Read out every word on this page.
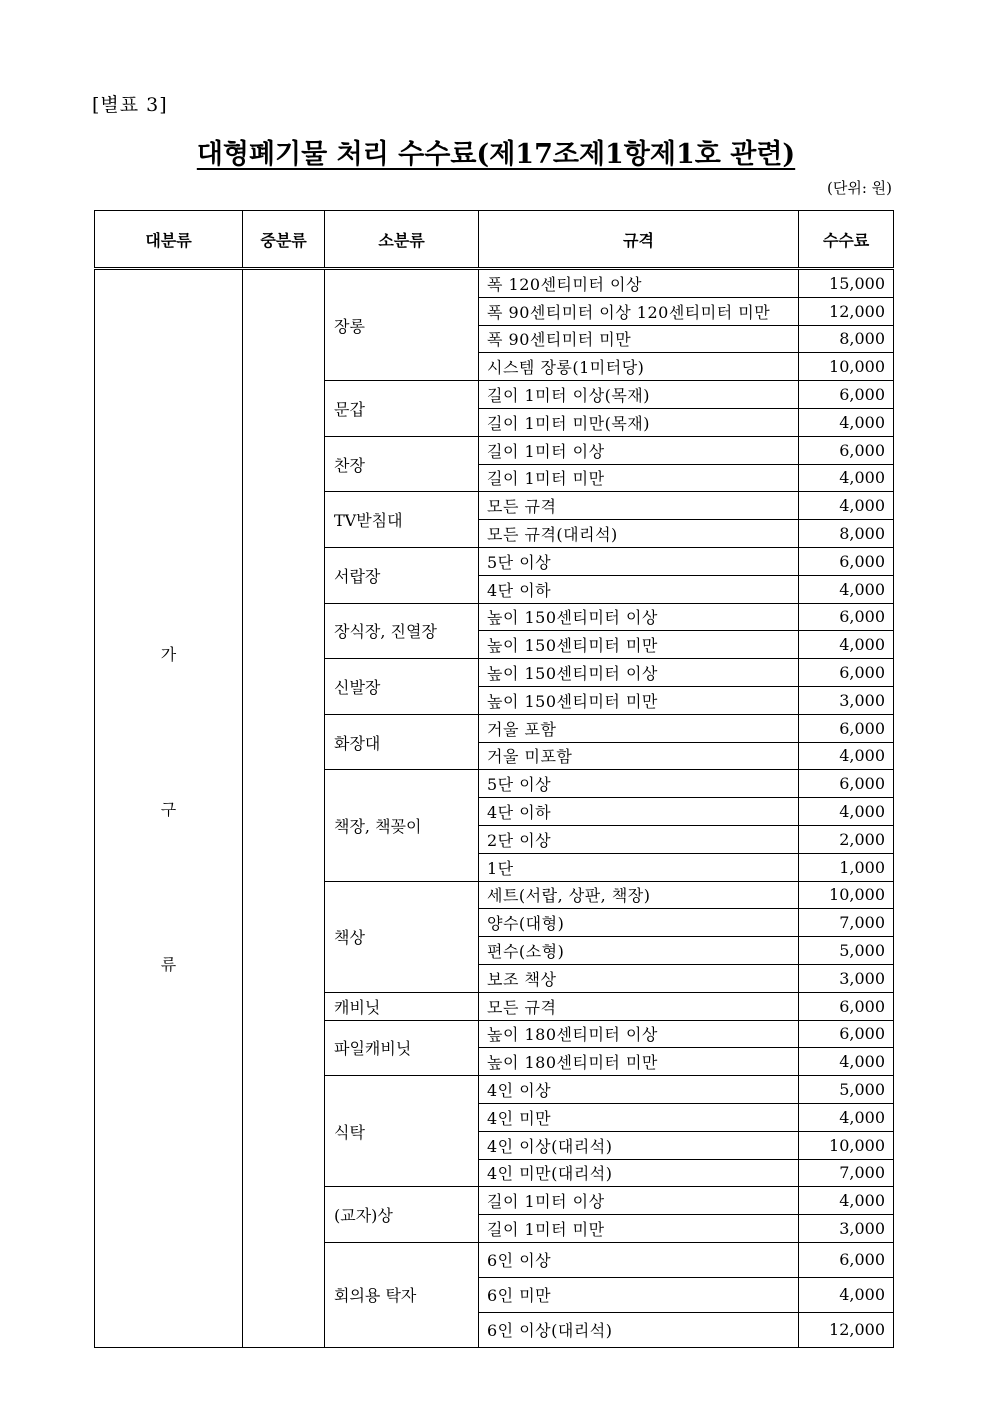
[별표 3]
대형폐기물 처리 수수료(제17조제1항제1호 관련)
(단위: 원)
대분류	중분류	소분류	규격	수수료

가
구
류		장롱	폭 120센티미터 이상	15,000
			폭 90센티미터 이상 120센티미터 미만	12,000
			폭 90센티미터 미만	8,000
			시스템 장롱(1미터당)	10,000
		문갑	길이 1미터 이상(목재)	6,000
			길이 1미터 미만(목재)	4,000
		찬장	길이 1미터 이상	6,000
			길이 1미터 미만	4,000
		TV받침대	모든 규격	4,000
			모든 규격(대리석)	8,000
		서랍장	5단 이상	6,000
			4단 이하	4,000
		장식장, 진열장	높이 150센티미터 이상	6,000
			높이 150센티미터 미만	4,000
		신발장	높이 150센티미터 이상	6,000
			높이 150센티미터 미만	3,000
		화장대	거울 포함	6,000
			거울 미포함	4,000
		책장, 책꽂이	5단 이상	6,000
			4단 이하	4,000
			2단 이상	2,000
			1단	1,000
		책상	세트(서랍, 상판, 책장)	10,000
			양수(대형)	7,000
			편수(소형)	5,000
			보조 책상	3,000
		캐비닛	모든 규격	6,000
		파일캐비닛	높이 180센티미터 이상	6,000
			높이 180센티미터 미만	4,000
		식탁	4인 이상	5,000
			4인 미만	4,000
			4인 이상(대리석)	10,000
			4인 미만(대리석)	7,000
		(교자)상	길이 1미터 이상	4,000
			길이 1미터 미만	3,000
		회의용 탁자	6인 이상	6,000
			6인 미만	4,000
			6인 이상(대리석)	12,000
